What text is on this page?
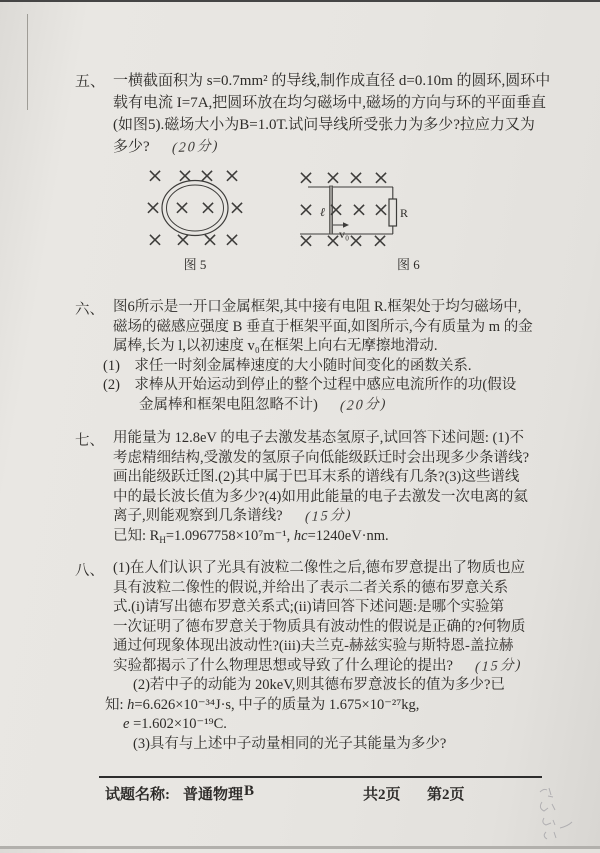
五、 一横截面积为 s=0.7mm² 的导线,制作成直径 d=0.10m 的圆环,圆环中
载有电流 I=7A,把圆环放在均匀磁场中,磁场的方向与环的平面垂直
(如图5).磁场大小为B=1.0T.试问导线所受张力为多少?拉应力又为
多少? (20分)
× × × ×
× × × ×
× × × ×
图 5
× × × ×
× × × ×
× × × ×
ℓ
v₀
R
图 6
六、 图6所示是一开口金属框架,其中接有电阻 R.框架处于均匀磁场中,
磁场的磁感应强度 B 垂直于框架平面,如图所示,今有质量为 m 的金
属棒,长为 l,以初速度 v₀在框架上向右无摩擦地滑动.
(1)　求任一时刻金属棒速度的大小随时间变化的函数关系.
(2)　求棒从开始运动到停止的整个过程中感应电流所作的功(假设
金属棒和框架电阻忽略不计) (20分)
七、 用能量为 12.8eV 的电子去激发基态氢原子,试回答下述问题: (1)不
考虑精细结构,受激发的氢原子向低能级跃迁时会出现多少条谱线?
画出能级跃迁图.(2)其中属于巴耳末系的谱线有几条?(3)这些谱线
中的最长波长值为多少?(4)如用此能量的电子去激发一次电离的氦
离子,则能观察到几条谱线? (15分)
已知: $R_H=1.0967758\times 10^7m^{-1}$, hc=1240eV·nm.
八、 (1)在人们认识了光具有波粒二像性之后,德布罗意提出了物质也应
具有波粒二像性的假说,并给出了表示二者关系的德布罗意关系
式.(i)请写出德布罗意关系式;(ii)请回答下述问题:是哪个实验第
一次证明了德布罗意关于物质具有波动性的假说是正确的?何物质
通过何现象体现出波动性?(iii)夫兰克-赫兹实验与斯特恩-盖拉赫
实验都揭示了什么物理思想或导致了什么理论的提出? (15分)
(2)若中子的动能为 20keV,则其德布罗意波长的值为多少?已
知: h=6.626×10⁻³⁴J·s, 中子的质量为 1.675×10⁻²⁷kg,
e =1.602×10⁻¹⁹C.
(3)具有与上述中子动量相同的光子其能量为多少?
试题名称: 普通物理 B	共2页 第2页
